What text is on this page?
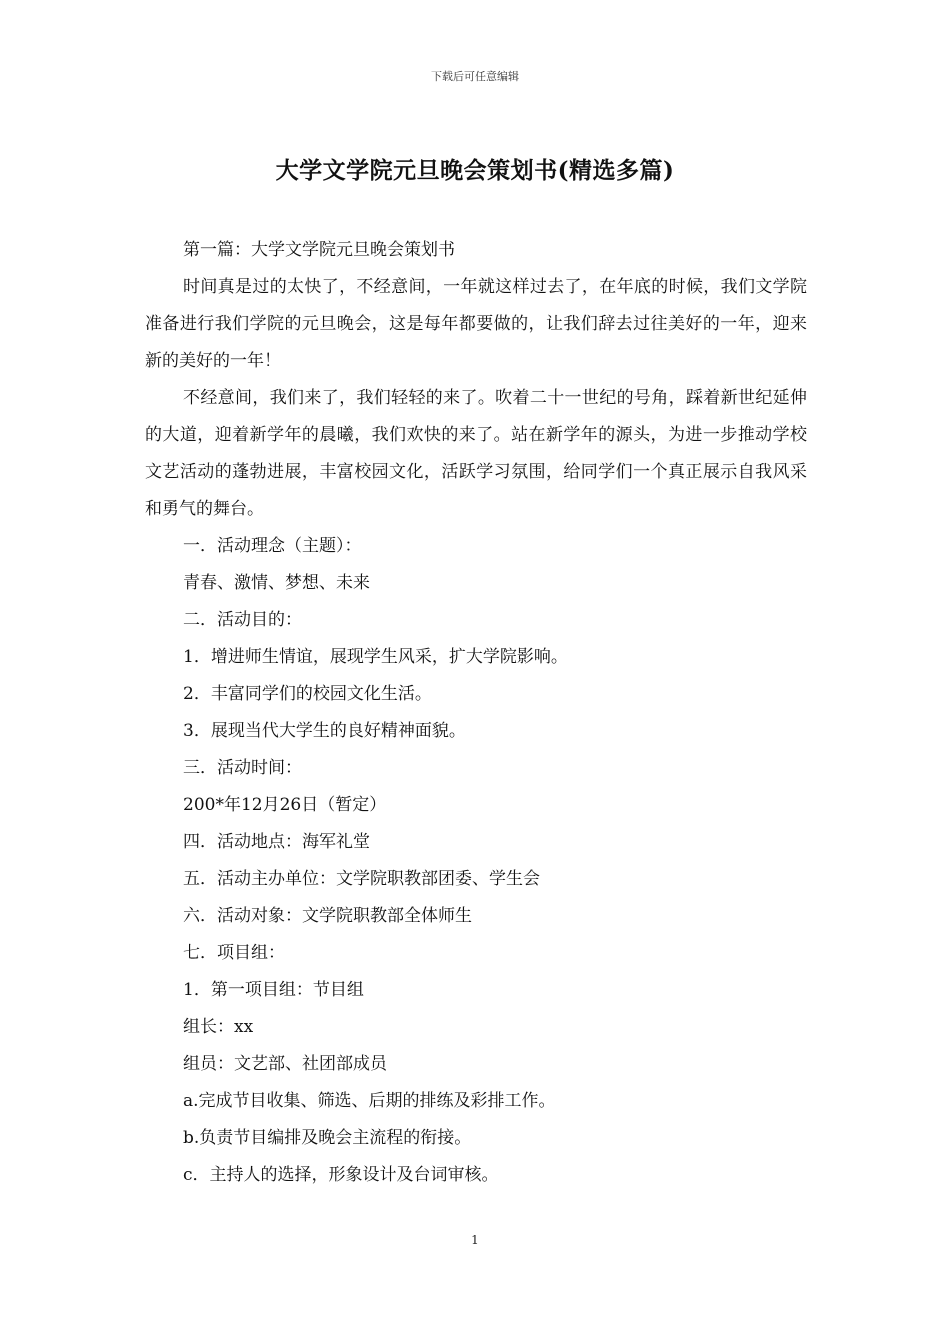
下载后可任意编辑
大学文学院元旦晚会策划书(精选多篇)

第一篇：大学文学院元旦晚会策划书

时间真是过的太快了，不经意间，一年就这样过去了，在年底的时候，我们文学院准备进行我们学院的元旦晚会，这是每年都要做的，让我们辞去过往美好的一年，迎来新的美好的一年！

不经意间，我们来了，我们轻轻的来了。吹着二十一世纪的号角，踩着新世纪延伸的大道，迎着新学年的晨曦，我们欢快的来了。站在新学年的源头，为进一步推动学校文艺活动的蓬勃进展，丰富校园文化，活跃学习氛围，给同学们一个真正展示自我风采和勇气的舞台。

一．活动理念（主题）：

青春、激情、梦想、未来

二．活动目的：

1．增进师生情谊，展现学生风采，扩大学院影响。

2．丰富同学们的校园文化生活。

3．展现当代大学生的良好精神面貌。

三．活动时间：

200*年12月26日（暂定）

四．活动地点：海军礼堂

五．活动主办单位：文学院职教部团委、学生会

六．活动对象：文学院职教部全体师生

七．项目组：

1．第一项目组：节目组

组长：xx

组员：文艺部、社团部成员

a.完成节目收集、筛选、后期的排练及彩排工作。

b.负责节目编排及晚会主流程的衔接。

c．主持人的选择，形象设计及台词审核。

1
